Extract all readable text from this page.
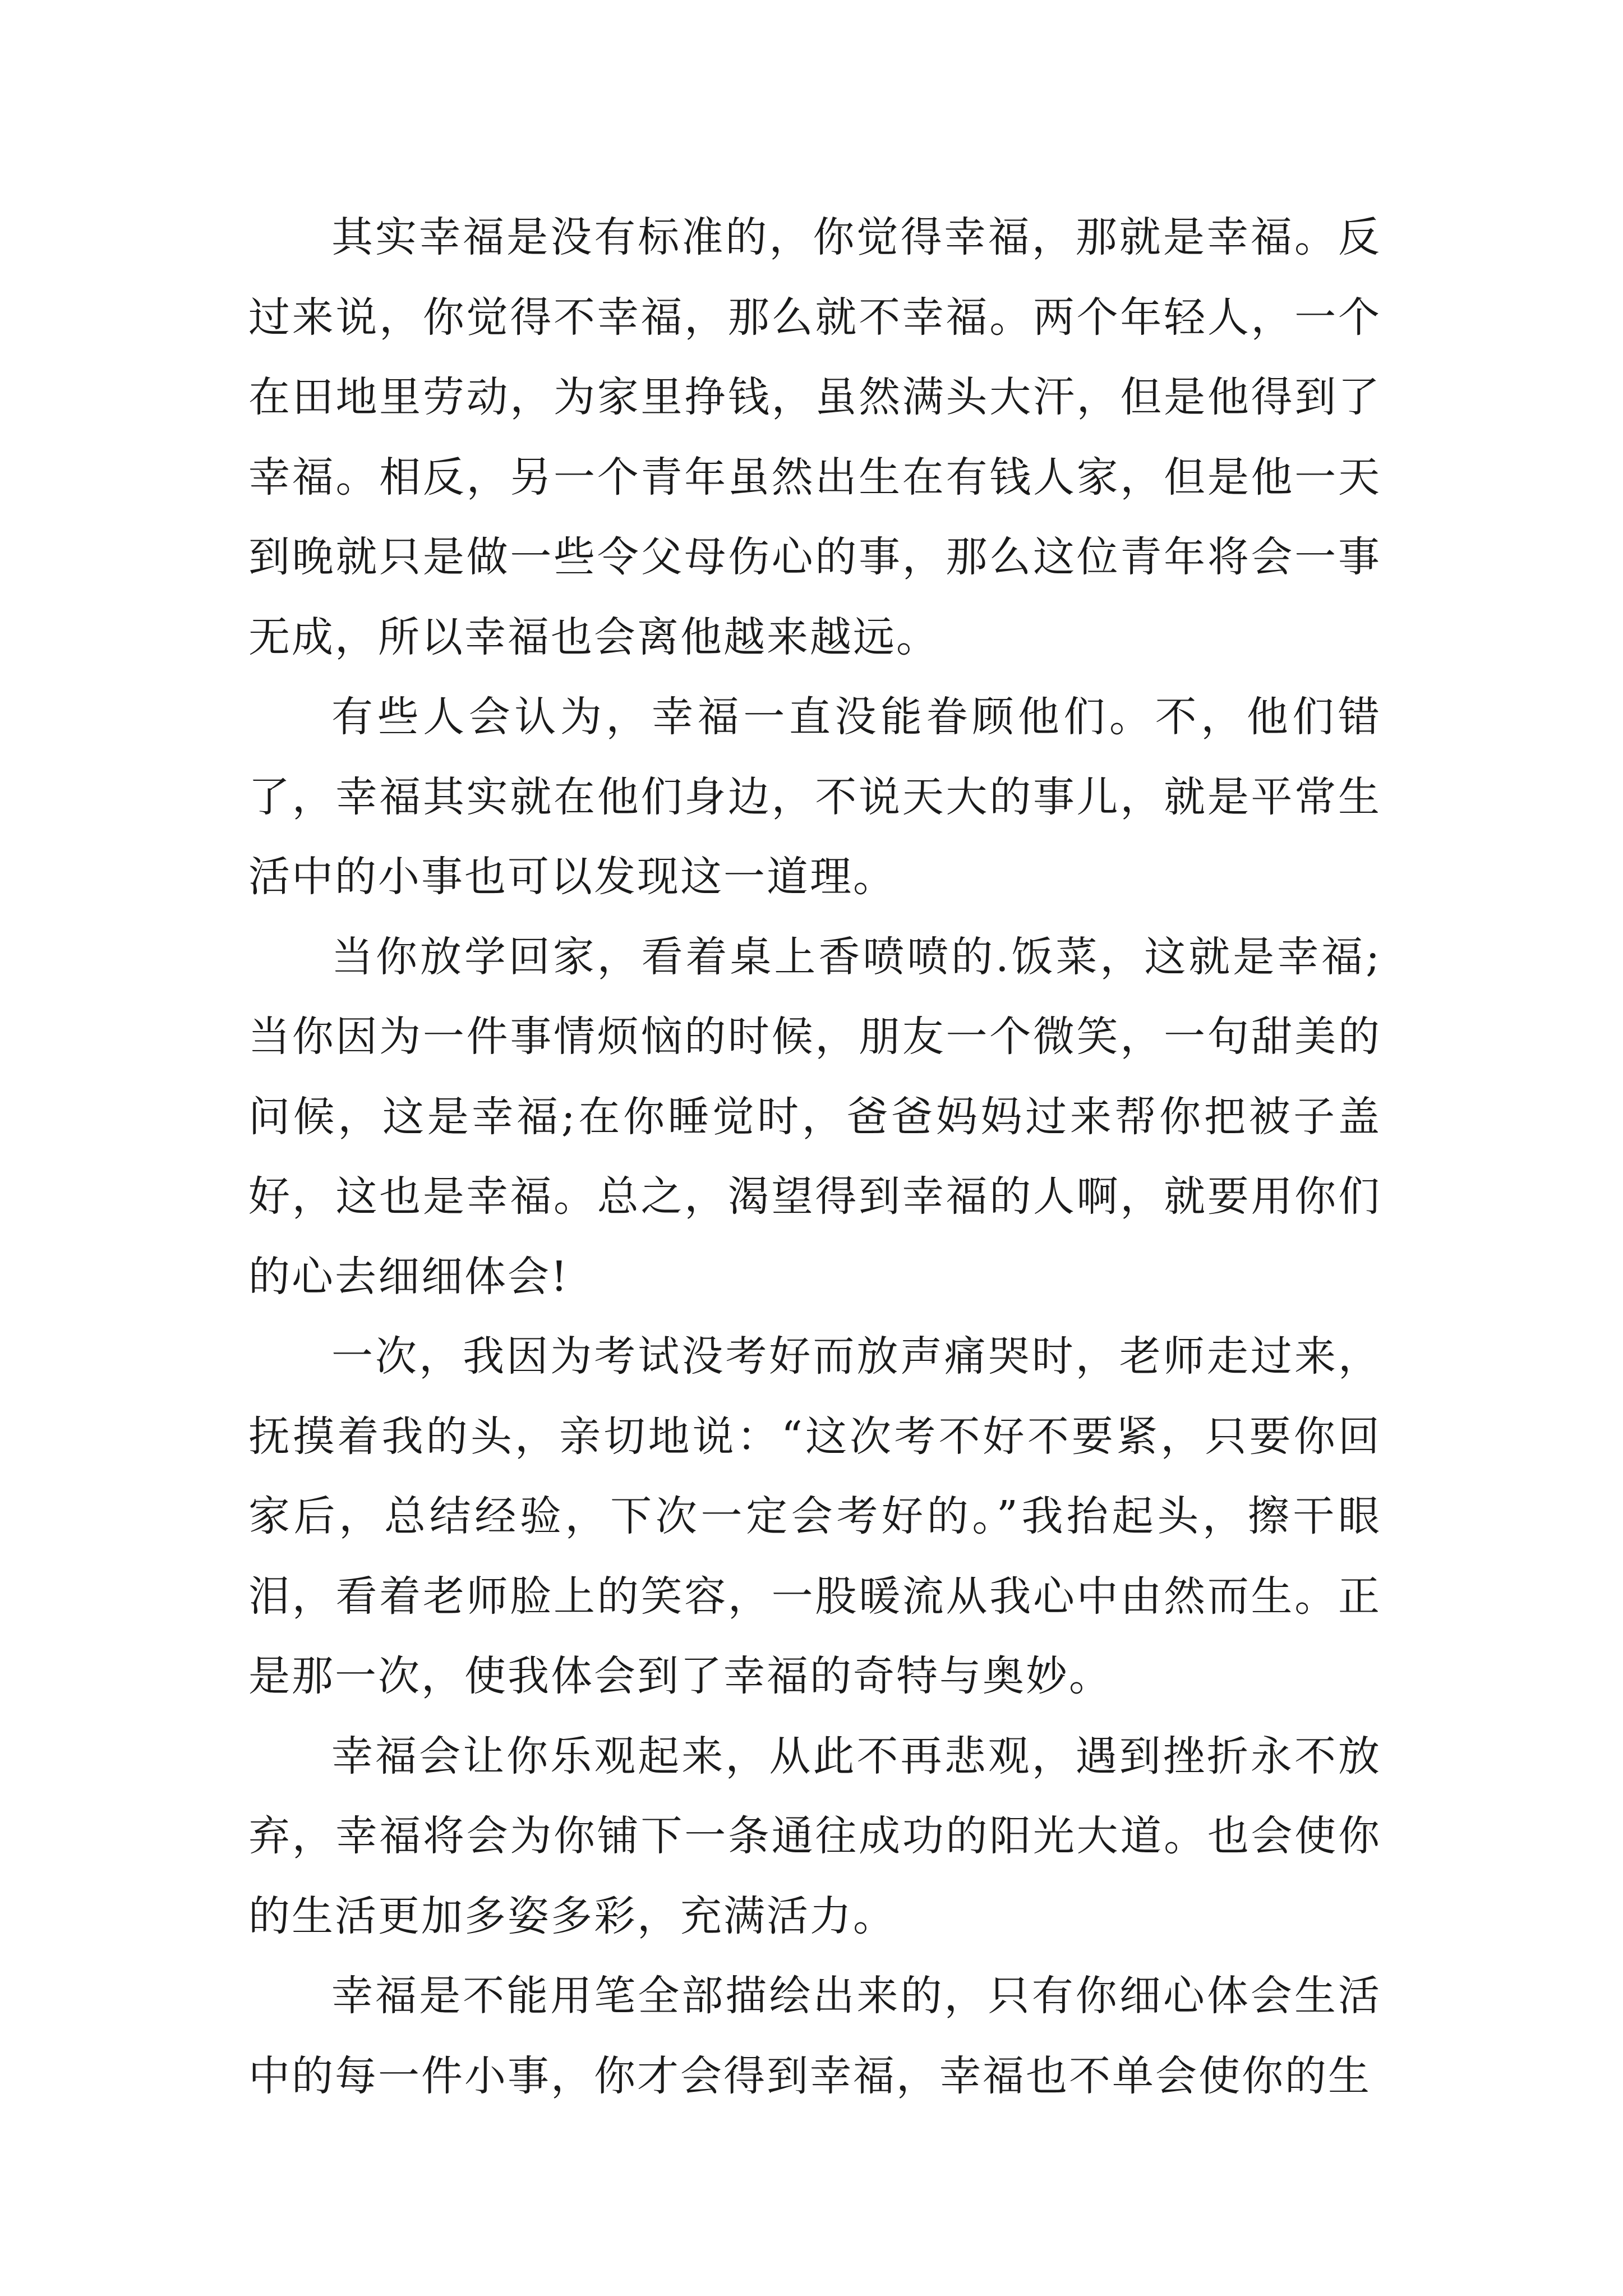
其实幸福是没有标准的，你觉得幸福，那就是幸福。反过来说，你觉得不幸福，那么就不幸福。两个年轻人，一个在田地里劳动，为家里挣钱，虽然满头大汗，但是他得到了幸福。相反，另一个青年虽然出生在有钱人家，但是他一天到晚就只是做一些令父母伤心的事，那么这位青年将会一事无成，所以幸福也会离他越来越远。

有些人会认为，幸福一直没能眷顾他们。不，他们错了，幸福其实就在他们身边，不说天大的事儿，就是平常生活中的小事也可以发现这一道理。

当你放学回家，看着桌上香喷喷的.饭菜，这就是幸福;当你因为一件事情烦恼的时候，朋友一个微笑，一句甜美的问候，这是幸福;在你睡觉时，爸爸妈妈过来帮你把被子盖好，这也是幸福。总之，渴望得到幸福的人啊，就要用你们的心去细细体会!

一次，我因为考试没考好而放声痛哭时，老师走过来，抚摸着我的头，亲切地说：“这次考不好不要紧，只要你回家后，总结经验，下次一定会考好的。”我抬起头，擦干眼泪，看着老师脸上的笑容，一股暖流从我心中由然而生。正是那一次，使我体会到了幸福的奇特与奥妙。

幸福会让你乐观起来，从此不再悲观，遇到挫折永不放弃，幸福将会为你铺下一条通往成功的阳光大道。也会使你的生活更加多姿多彩，充满活力。

幸福是不能用笔全部描绘出来的，只有你细心体会生活中的每一件小事，你才会得到幸福，幸福也不单会使你的生
